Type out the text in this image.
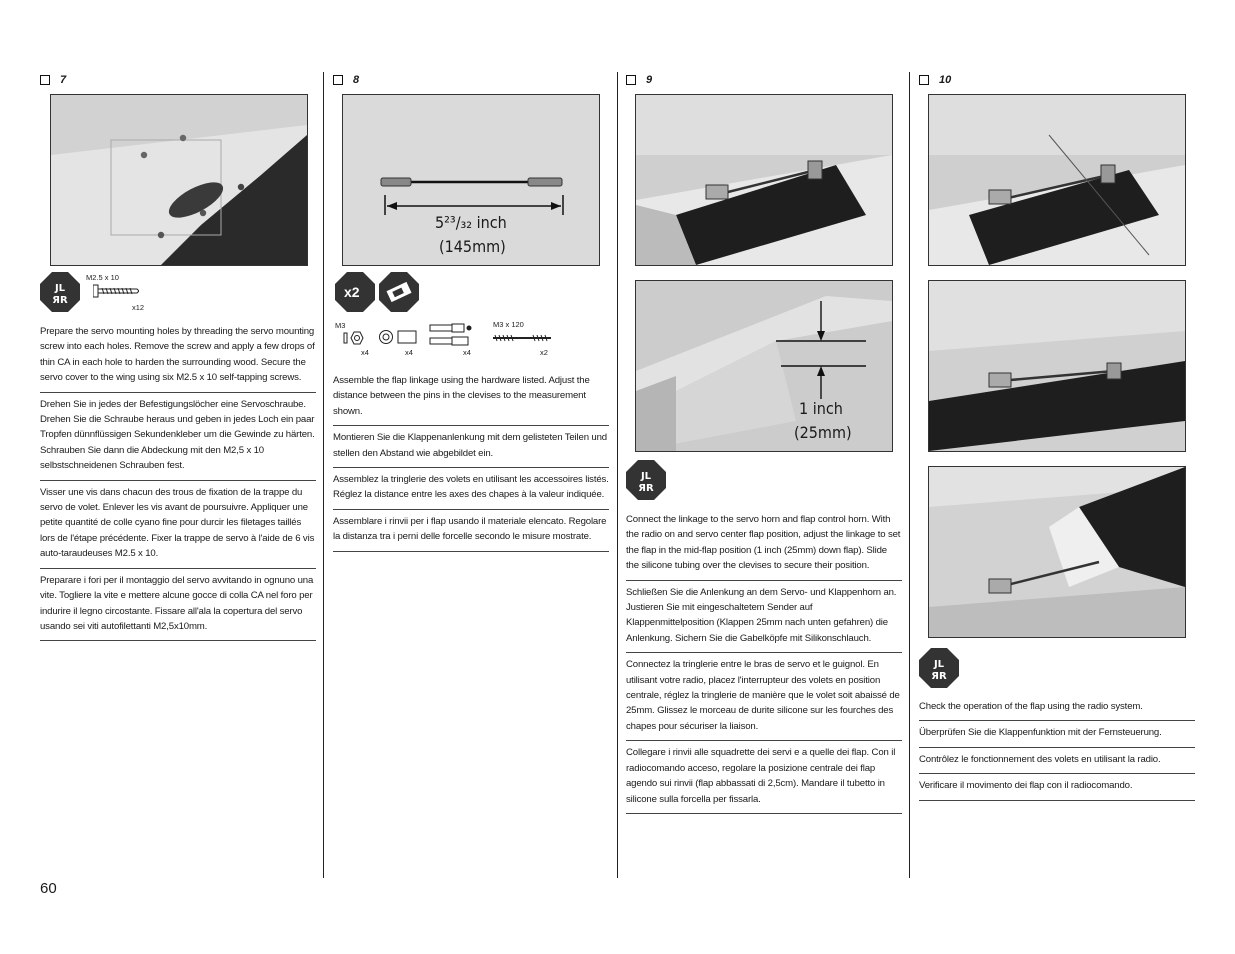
7
JL
ЯR
M2.5 x 10
x12
Prepare the servo mounting holes by threading the servo mounting screw into each holes. Remove the screw and apply a few drops of thin CA in each hole to harden the surrounding wood. Secure the servo cover to the wing using six M2.5 x 10 self-tapping screws.
Drehen Sie in jedes der Befestigungslöcher eine Servoschraube. Drehen Sie die Schraube heraus und geben in jedes Loch ein paar Tropfen dünnflüssigen Sekundenkleber um die Gewinde zu härten. Schrauben Sie dann die Abdeckung mit den M2,5 x 10 selbstschneidenen Schrauben fest.
Visser une vis dans chacun des trous de fixation de la trappe du servo de volet. Enlever les vis avant de poursuivre. Appliquer une petite quantité de colle cyano fine pour durcir les filetages taillés lors de l'étape précédente. Fixer la trappe de servo à l'aide de 6 vis auto-taraudeuses M2.5 x 10.
Preparare i fori per il montaggio del servo avvitando in ognuno una vite. Togliere la vite e mettere alcune gocce di colla CA nel foro per indurire il legno circostante. Fissare all'ala la copertura del servo usando sei viti autofilettanti M2,5x10mm.
8
5²³/₃₂ inch
(145mm)
x2
M3
x4	x4	x4
M3 x 120
x2
Assemble the flap linkage using the hardware listed. Adjust the distance between the pins in the clevises to the measurement shown.
Montieren Sie die Klappenanlenkung mit dem gelisteten Teilen und stellen den Abstand wie abgebildet ein.
Assemblez la tringlerie des volets en utilisant les accessoires listés. Réglez la distance entre les axes des chapes à la valeur indiquée.
Assemblare i rinvii per i flap usando il materiale elencato. Regolare la distanza tra i perni delle forcelle secondo le misure mostrate.
9
1 inch
(25mm)
JL
ЯR
Connect the linkage to the servo horn and flap control horn. With the radio on and servo center flap position, adjust the linkage to set the flap in the mid-flap position (1 inch (25mm) down flap). Slide the silicone tubing over the clevises to secure their position.
Schließen Sie die Anlenkung an dem Servo- und Klappenhorn an. Justieren Sie mit eingeschaltetem Sender auf Klappenmittelposition (Klappen 25mm nach unten gefahren) die Anlenkung. Sichern Sie die Gabelköpfe mit Silikonschlauch.
Connectez la tringlerie entre le bras de servo et le guignol. En utilisant votre radio, placez l'interrupteur des volets en position centrale, réglez la tringlerie de manière que le volet soit abaissé de 25mm. Glissez le morceau de durite silicone sur les fourches des chapes pour sécuriser la liaison.
Collegare i rinvii alle squadrette dei servi e a quelle dei flap. Con il radiocomando acceso, regolare la posizione centrale dei flap agendo sui rinvii (flap abbassati di 2,5cm). Mandare il tubetto in silicone sulla forcella per fissarla.
10
JL
ЯR
Check the operation of the flap using the radio system.
Überprüfen Sie die Klappenfunktion mit der Fernsteuerung.
Contrôlez le fonctionnement des volets en utilisant la radio.
Verificare il movimento dei flap con il radiocomando.
60
